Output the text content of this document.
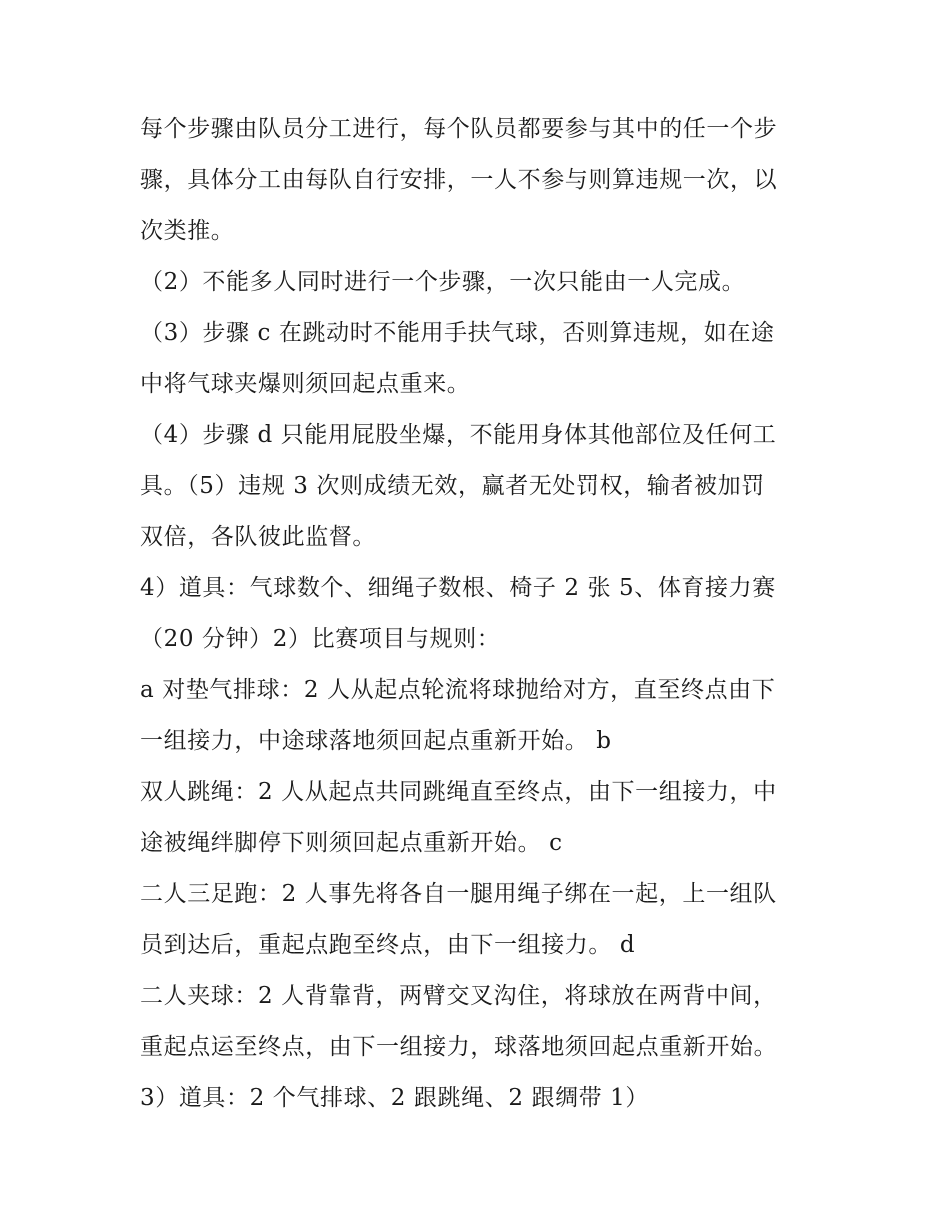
每个步骤由队员分工进行，每个队员都要参与其中的任一个步
骤，具体分工由每队自行安排，一人不参与则算违规一次，以
次类推。
（2）不能多人同时进行一个步骤，一次只能由一人完成。
（3）步骤 c 在跳动时不能用手扶气球，否则算违规，如在途
中将气球夹爆则须回起点重来。
（4）步骤 d 只能用屁股坐爆，不能用身体其他部位及任何工
具。（5）违规 3 次则成绩无效，赢者无处罚权，输者被加罚
双倍，各队彼此监督。
4）道具：气球数个、细绳子数根、椅子 2 张 5、体育接力赛
（20 分钟）2）比赛项目与规则：
a 对垫气排球：2 人从起点轮流将球抛给对方，直至终点由下
一组接力，中途球落地须回起点重新开始。 b
双人跳绳：2 人从起点共同跳绳直至终点，由下一组接力，中
途被绳绊脚停下则须回起点重新开始。 c
二人三足跑：2 人事先将各自一腿用绳子绑在一起，上一组队
员到达后，重起点跑至终点，由下一组接力。 d
二人夹球：2 人背靠背，两臂交叉沟住，将球放在两背中间，
重起点运至终点，由下一组接力，球落地须回起点重新开始。
3）道具：2 个气排球、2 跟跳绳、2 跟绸带 1）
